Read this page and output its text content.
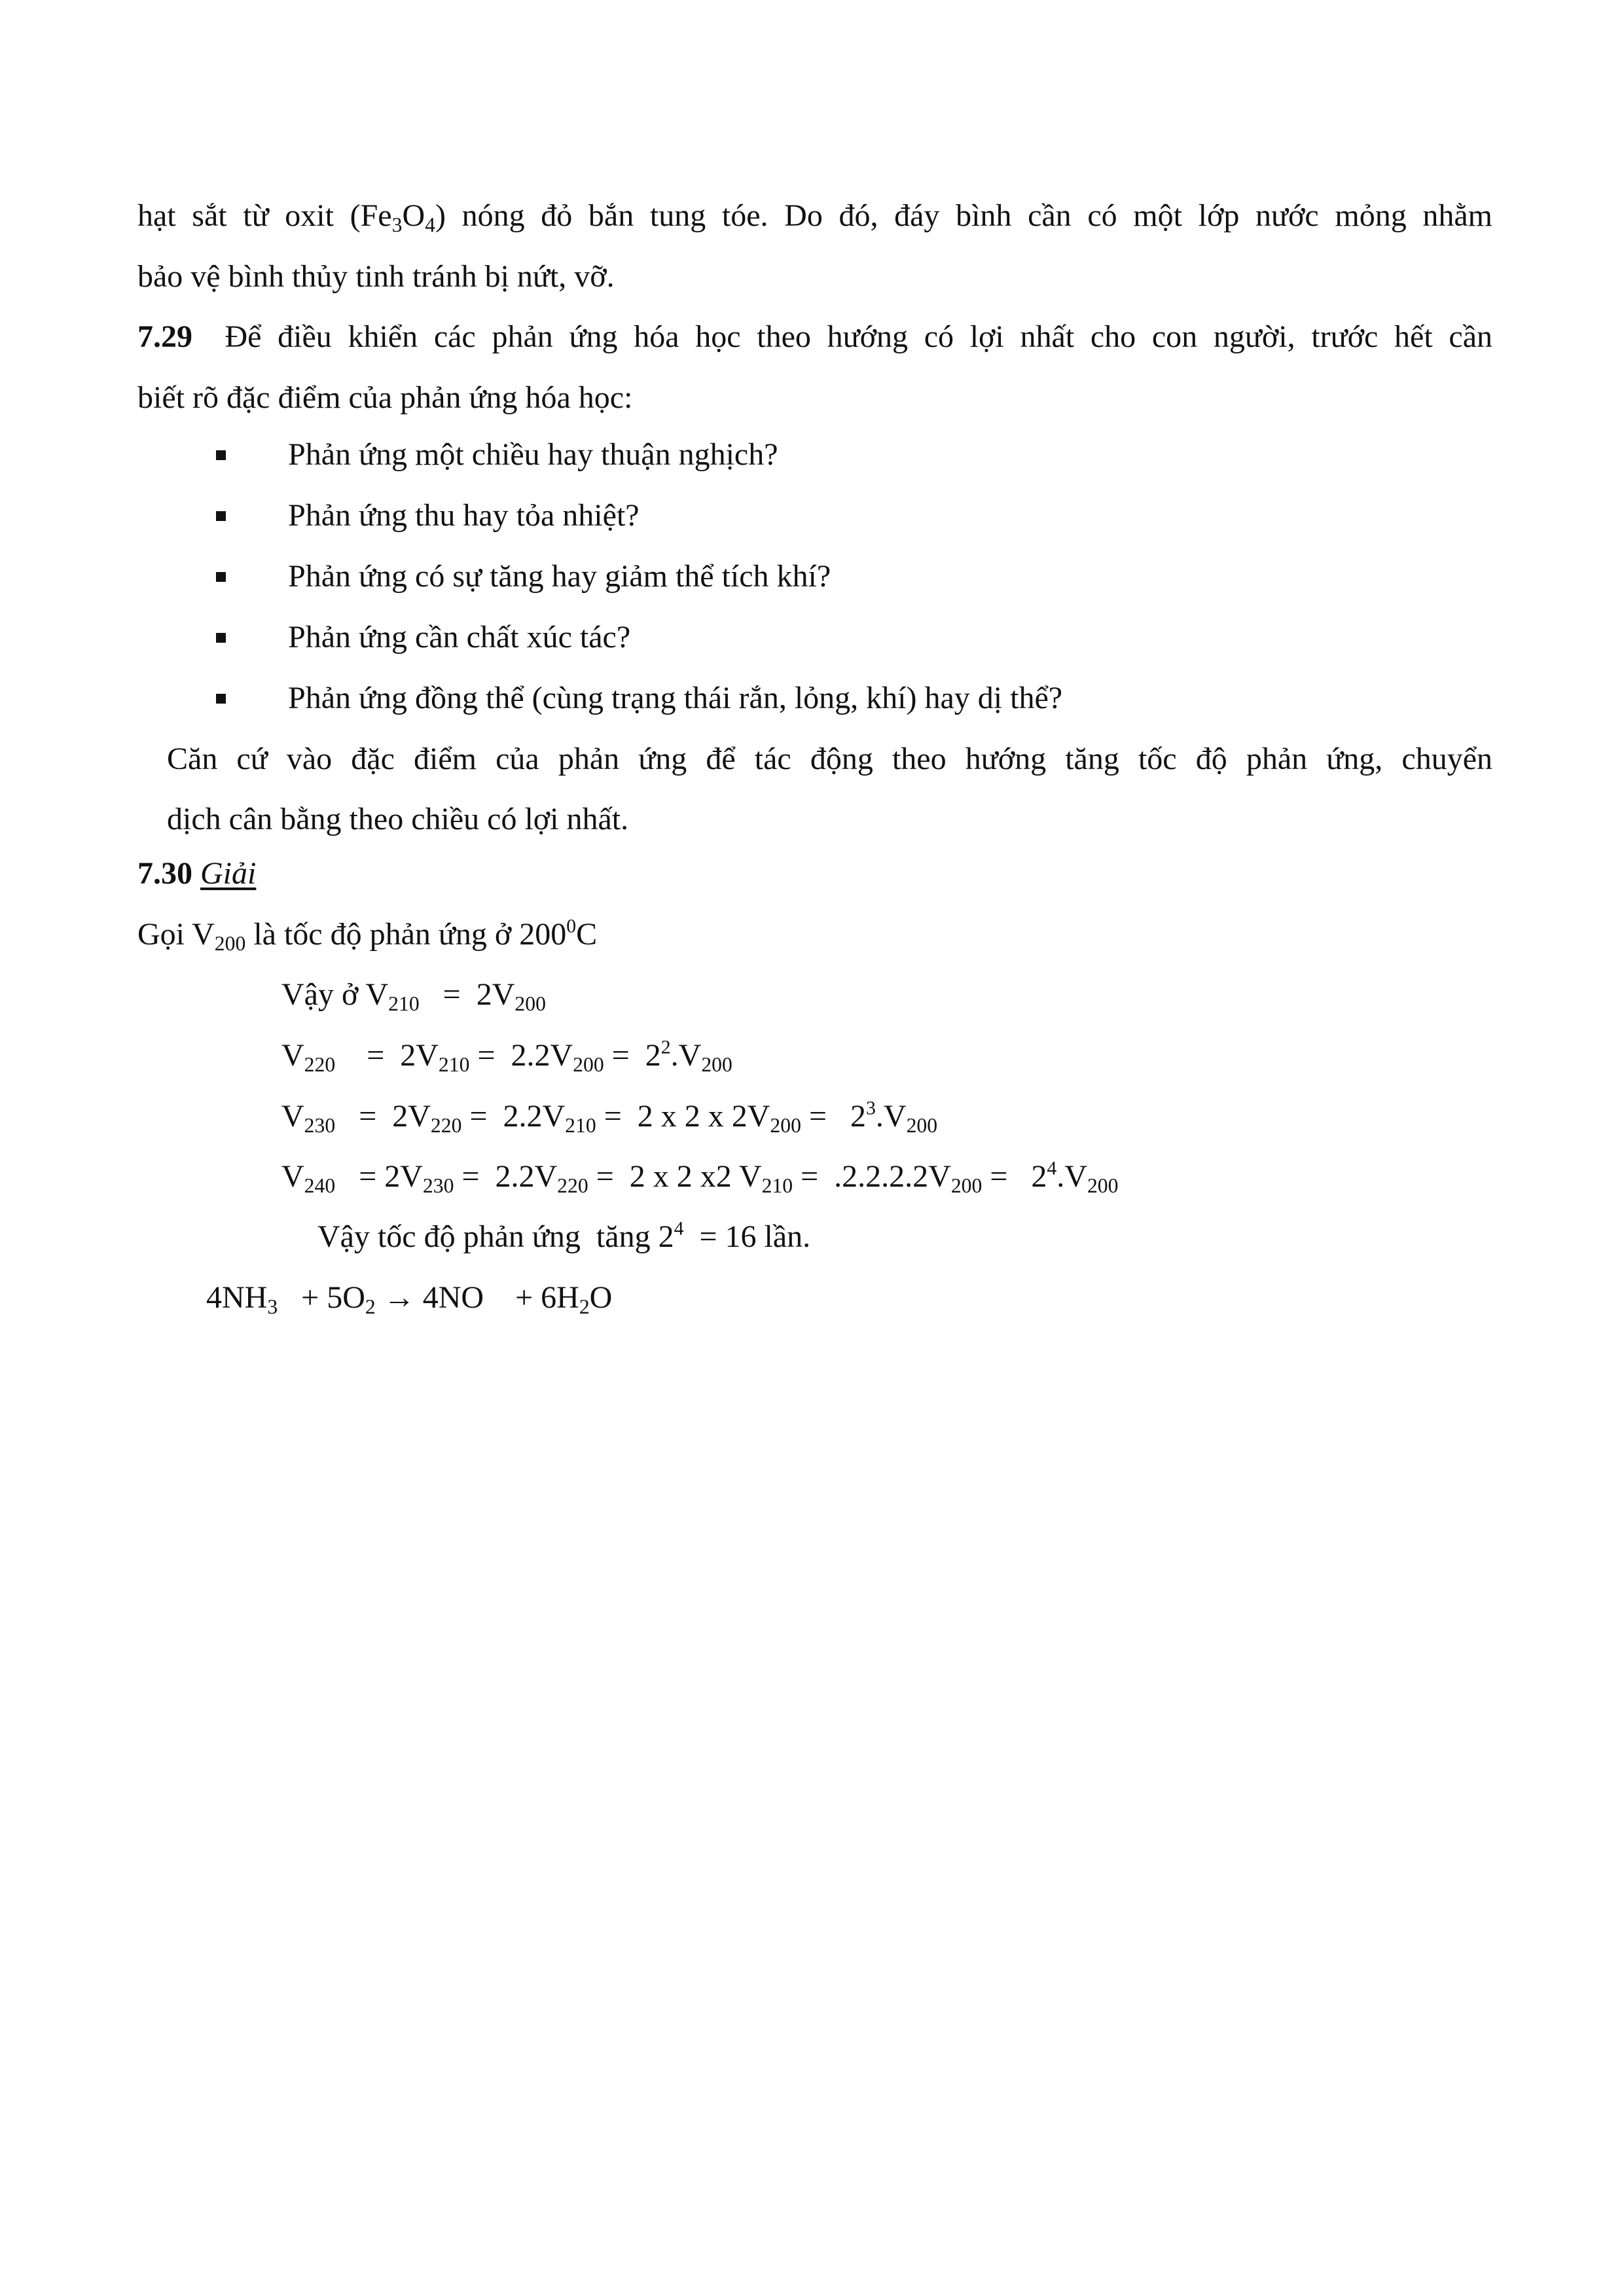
hạt sắt từ oxit $(Fe_3O_4)$ nóng đỏ bắn tung tóe. Do đó, đáy bình cần có một lớp nước mỏng nhằm
bảo vệ bình thủy tinh tránh bị nứt, vỡ.
7.29 Để điều khiển các phản ứng hóa học theo hướng có lợi nhất cho con người, trước hết cần
biết rõ đặc điểm của phản ứng hóa học:
Phản ứng một chiều hay thuận nghịch?
Phản ứng thu hay tỏa nhiệt?
Phản ứng có sự tăng hay giảm thể tích khí?
Phản ứng cần chất xúc tác?
Phản ứng đồng thể (cùng trạng thái rắn, lỏng, khí) hay dị thể?
Căn cứ vào đặc điểm của phản ứng để tác động theo hướng tăng tốc độ phản ứng, chuyển
dịch cân bằng theo chiều có lợi nhất.
7.30 Giải
Gọi $V_{200}$ là tốc độ phản ứng ở $200^0C$
Vậy ở $V_{210} = 2V_{200}$
$V_{220}$    =  $2V_{210} = 2.2V_{200} = 2^2.V_{200}$
$V_{230} = 2V_{220} = 2.2V_{210} = 2$ x 2 x $2V_{200} = 2^3.V_{200}$
$V_{240} = 2V_{230} = 2.2V_{220} = 2$ x 2 x2 $V_{210} = .2.2.2.2V_{200} = 2^4.V_{200}$
Vậy tốc độ phản ứng  tăng $2^4 = 16$ lần.
$4NH_3 + 5O_2 \to 4NO$    + $6H_2O$
